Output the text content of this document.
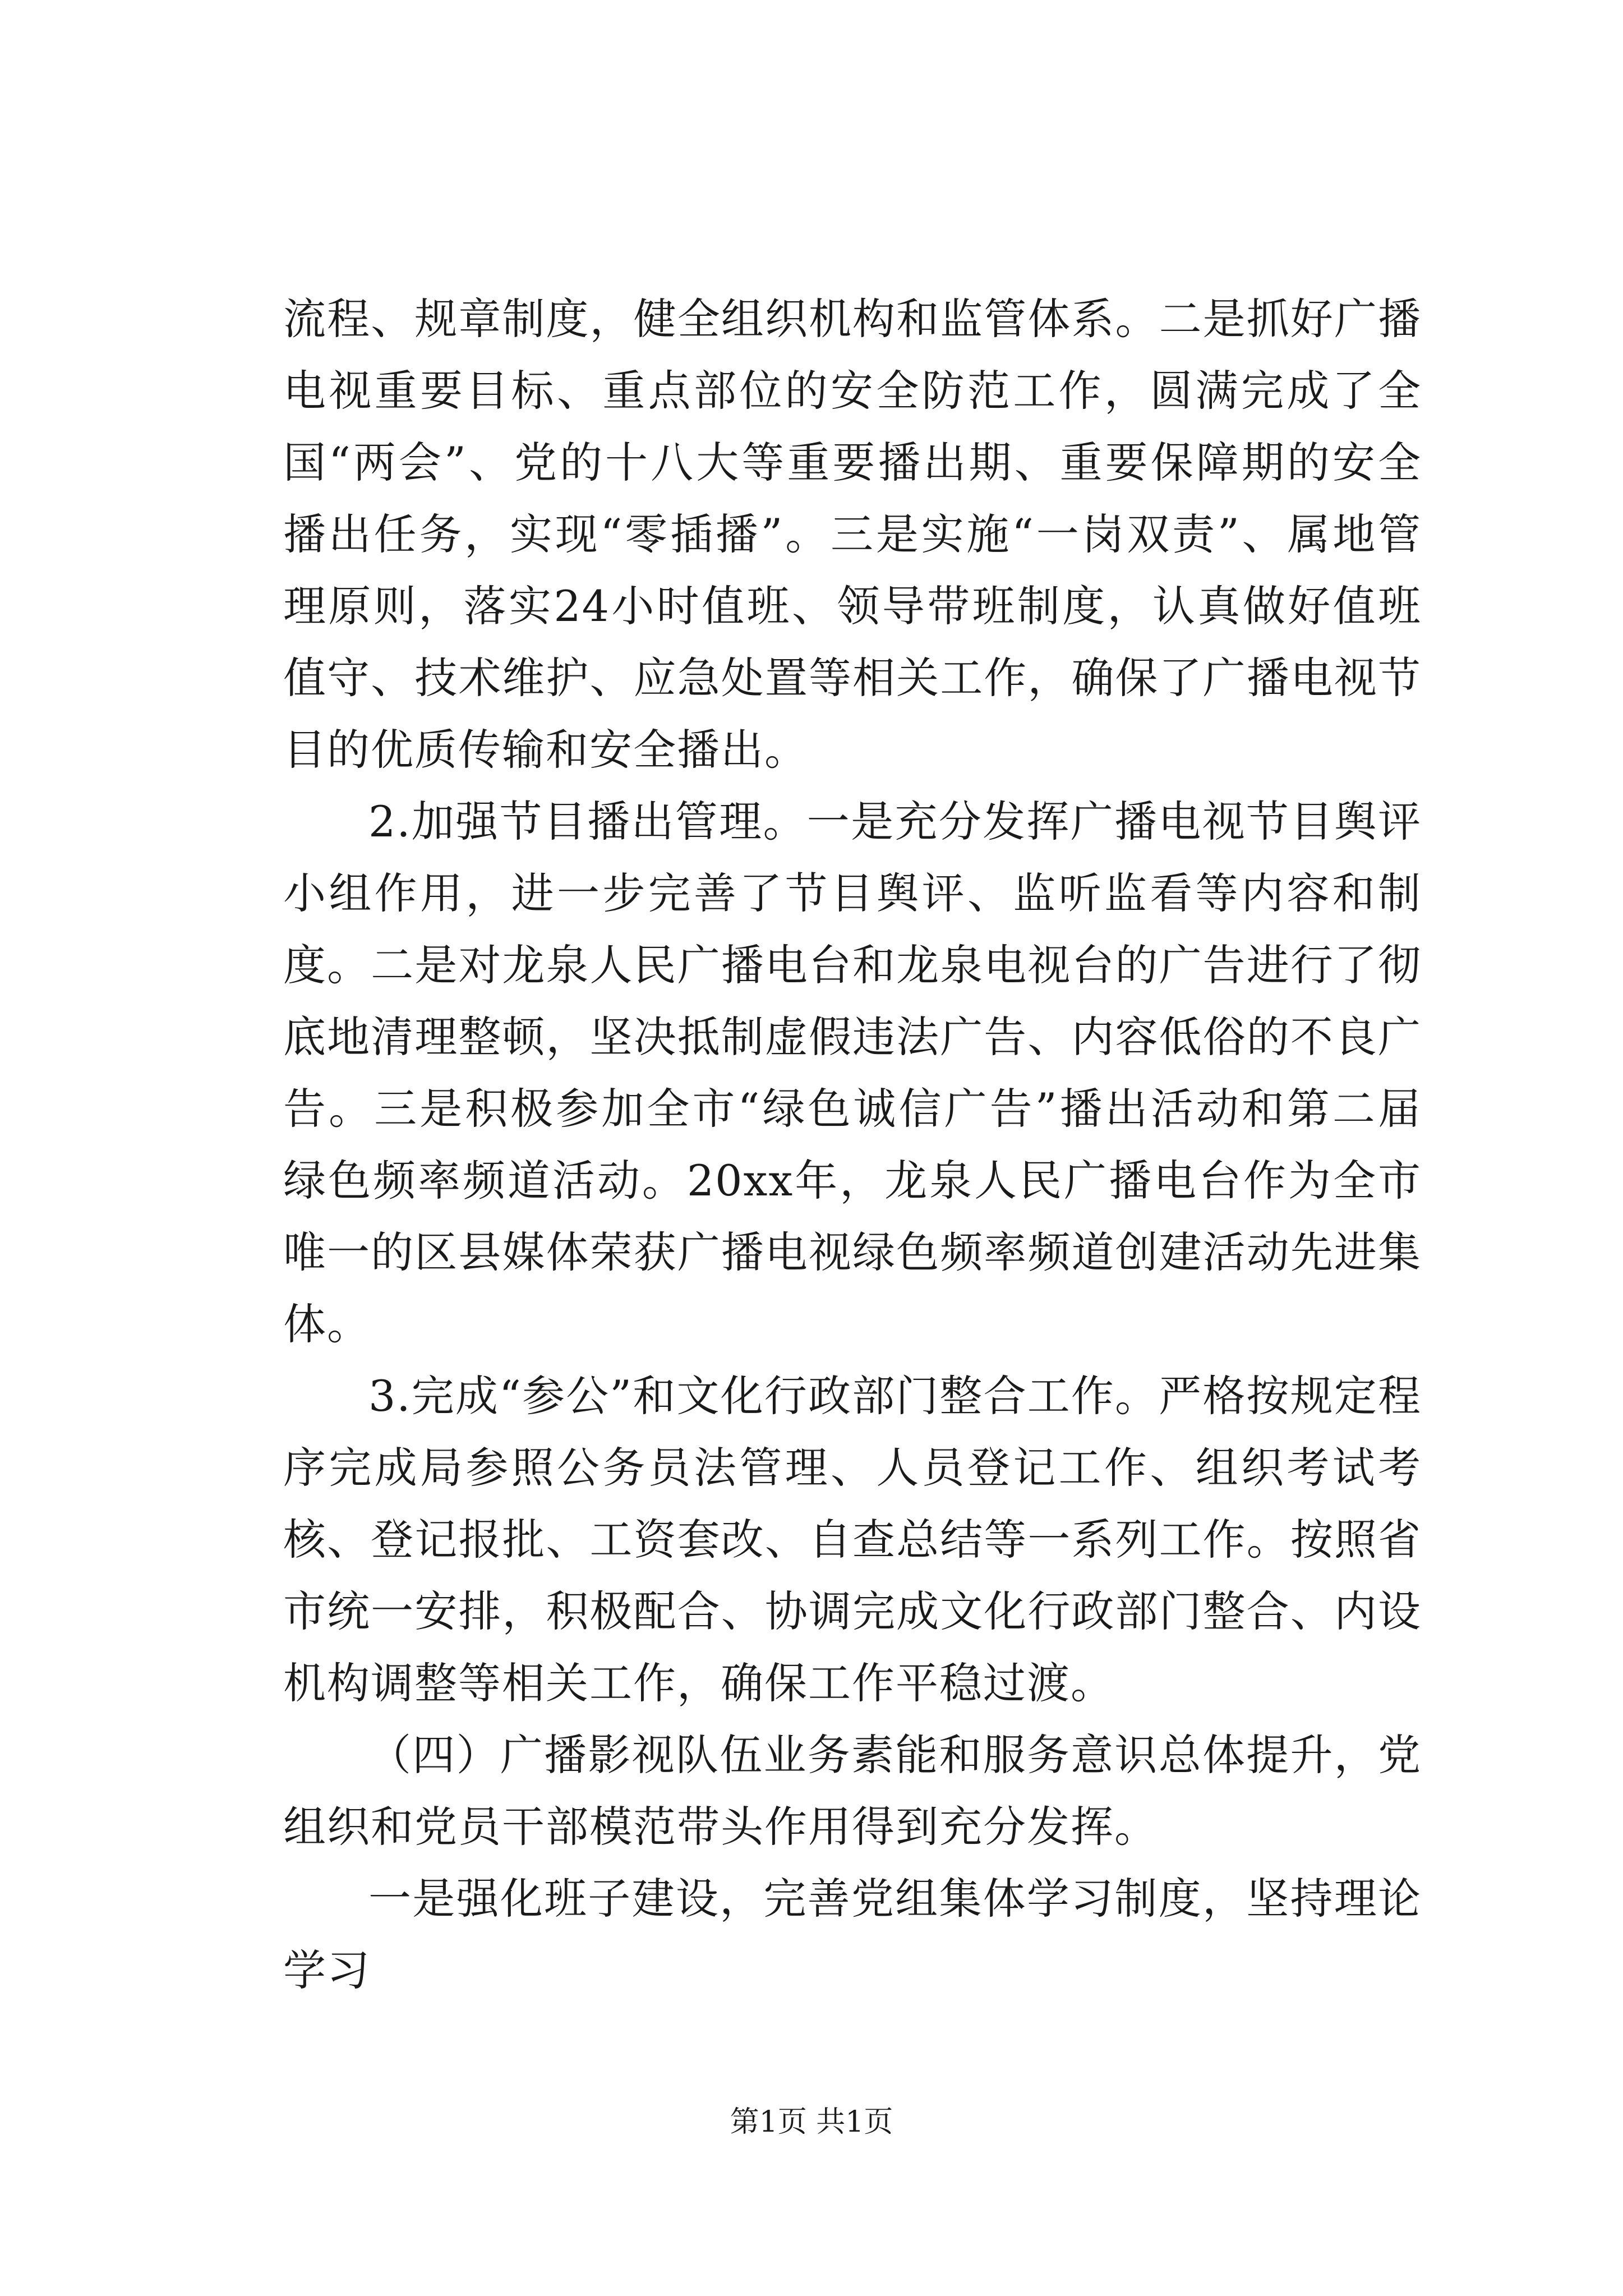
流程、规章制度，健全组织机构和监管体系。二是抓好广播电视重要目标、重点部位的安全防范工作，圆满完成了全国“两会”、党的十八大等重要播出期、重要保障期的安全播出任务，实现“零插播”。三是实施“一岗双责”、属地管理原则，落实24小时值班、领导带班制度，认真做好值班值守、技术维护、应急处置等相关工作，确保了广播电视节目的优质传输和安全播出。

2.加强节目播出管理。一是充分发挥广播电视节目舆评小组作用，进一步完善了节目舆评、监听监看等内容和制度。二是对龙泉人民广播电台和龙泉电视台的广告进行了彻底地清理整顿，坚决抵制虚假违法广告、内容低俗的不良广告。三是积极参加全市“绿色诚信广告”播出活动和第二届绿色频率频道活动。20xx年，龙泉人民广播电台作为全市唯一的区县媒体荣获广播电视绿色频率频道创建活动先进集体。

3.完成“参公”和文化行政部门整合工作。严格按规定程序完成局参照公务员法管理、人员登记工作、组织考试考核、登记报批、工资套改、自查总结等一系列工作。按照省市统一安排，积极配合、协调完成文化行政部门整合、内设机构调整等相关工作，确保工作平稳过渡。

（四）广播影视队伍业务素能和服务意识总体提升，党组织和党员干部模范带头作用得到充分发挥。

一是强化班子建设，完善党组集体学习制度，坚持理论学习

第1页 共1页
